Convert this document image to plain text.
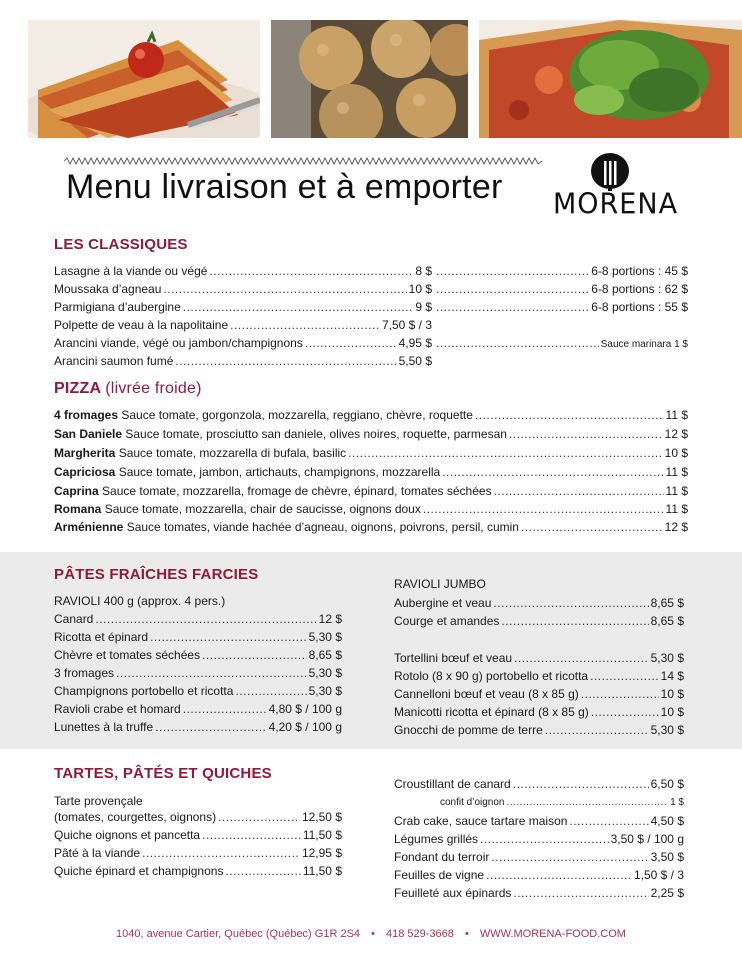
Menu livraison et à emporter MORENA
LES CLASSIQUES
Lasagne à la viande ou végé .....	8 $ .....	6-8 portions : 45 $
Moussaka d’agneau .....	10 $ .....	6-8 portions : 62 $
Parmigiana d’aubergine .....	9 $ .....	6-8 portions : 55 $
Polpette de veau à la napolitaine .....	7,50 $ / 3
Arancini viande, végé ou jambon/champignons .....	4,95 $ .....	Sauce marinara 1 $
Arancini saumon fumé .....	5,50 $
PIZZA (livrée froide)
4 fromages Sauce tomate, gorgonzola, mozzarella, reggiano, chèvre, roquette .....	11 $
San Daniele Sauce tomate, prosciutto san daniele, olives noires, roquette, parmesan .....	12 $
Margherita Sauce tomate, mozzarella di bufala, basilic .....	10 $
Capriciosa Sauce tomate, jambon, artichauts, champignons, mozzarella .....	11 $
Caprina Sauce tomate, mozzarella, fromage de chèvre, épinard, tomates séchées .....	11 $
Romana Sauce tomate, mozzarella, chair de saucisse, oignons doux .....	11 $
Arménienne Sauce tomates, viande hachée d’agneau, oignons, poivrons, persil, cumin .....	12 $
PÂTES FRAÎCHES FARCIES
RAVIOLI 400 g (approx. 4 pers.)
Canard .....	12 $
Ricotta et épinard .....	5,30 $
Chèvre et tomates séchées .....	8,65 $
3 fromages .....	5,30 $
Champignons portobello et ricotta .....	5,30 $
Ravioli crabe et homard .....	4,80 $ / 100 g
Lunettes à la truffe .....	4,20 $ / 100 g
RAVIOLI JUMBO
Aubergine et veau .....	8,65 $
Courge et amandes .....	8,65 $
Tortellini bœuf et veau .....	5,30 $
Rotolo (8 x 90 g) portobello et ricotta .....	14 $
Cannelloni bœuf et veau (8 x 85 g) .....	10 $
Manicotti ricotta et épinard (8 x 85 g) .....	10 $
Gnocchi de pomme de terre .....	5,30 $
TARTES, PÂTÉS ET QUICHES
Tarte provençale
(tomates, courgettes, oignons) .....	12,50 $
Quiche oignons et pancetta .....	11,50 $
Pâté à la viande .....	12,95 $
Quiche épinard et champignons .....	11,50 $
Croustillant de canard .....	6,50 $
confit d’oignon .....	1 $
Crab cake, sauce tartare maison .....	4,50 $
Légumes grillés .....	3,50 $ / 100 g
Fondant du terroir .....	3,50 $
Feuilles de vigne .....	1,50 $ / 3
Feuilleté aux épinards .....	2,25 $
1040, avenue Cartier, Québec (Québec) G1R 2S4 • 418 529-3668 • WWW.MORENA-FOOD.COM
